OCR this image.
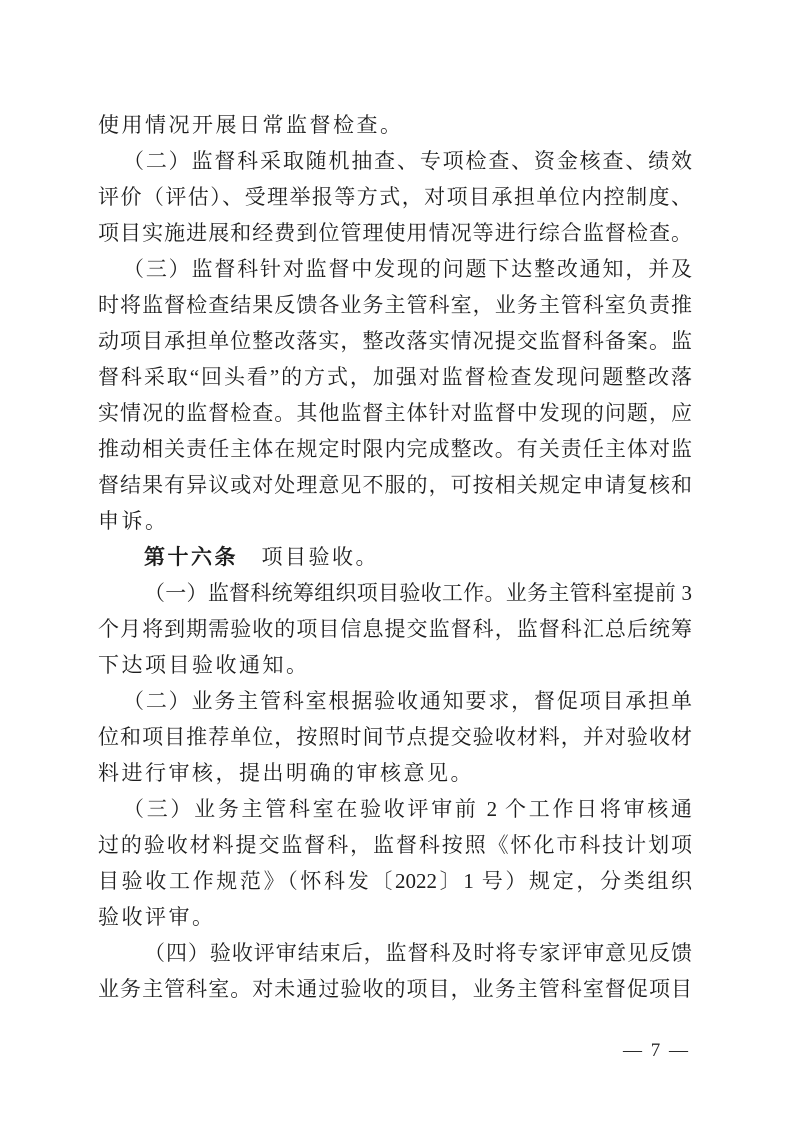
使用情况开展日常监督检查。
（二）监督科采取随机抽查、专项检查、资金核查、绩效
评价（评估）、受理举报等方式，对项目承担单位内控制度、
项目实施进展和经费到位管理使用情况等进行综合监督检查。
（三）监督科针对监督中发现的问题下达整改通知，并及
时将监督检查结果反馈各业务主管科室，业务主管科室负责推
动项目承担单位整改落实，整改落实情况提交监督科备案。监
督科采取“回头看”的方式，加强对监督检查发现问题整改落
实情况的监督检查。其他监督主体针对监督中发现的问题，应
推动相关责任主体在规定时限内完成整改。有关责任主体对监
督结果有异议或对处理意见不服的，可按相关规定申请复核和
申诉。
第十六条　项目验收。
（一）监督科统筹组织项目验收工作。业务主管科室提前 3
个月将到期需验收的项目信息提交监督科，监督科汇总后统筹
下达项目验收通知。
（二）业务主管科室根据验收通知要求，督促项目承担单
位和项目推荐单位，按照时间节点提交验收材料，并对验收材
料进行审核，提出明确的审核意见。
（三）业务主管科室在验收评审前 2 个工作日将审核通
过的验收材料提交监督科，监督科按照《怀化市科技计划项
目验收工作规范》（怀科发〔2022〕1 号）规定，分类组织
验收评审。
（四）验收评审结束后，监督科及时将专家评审意见反馈
业务主管科室。对未通过验收的项目，业务主管科室督促项目
— 7 —
